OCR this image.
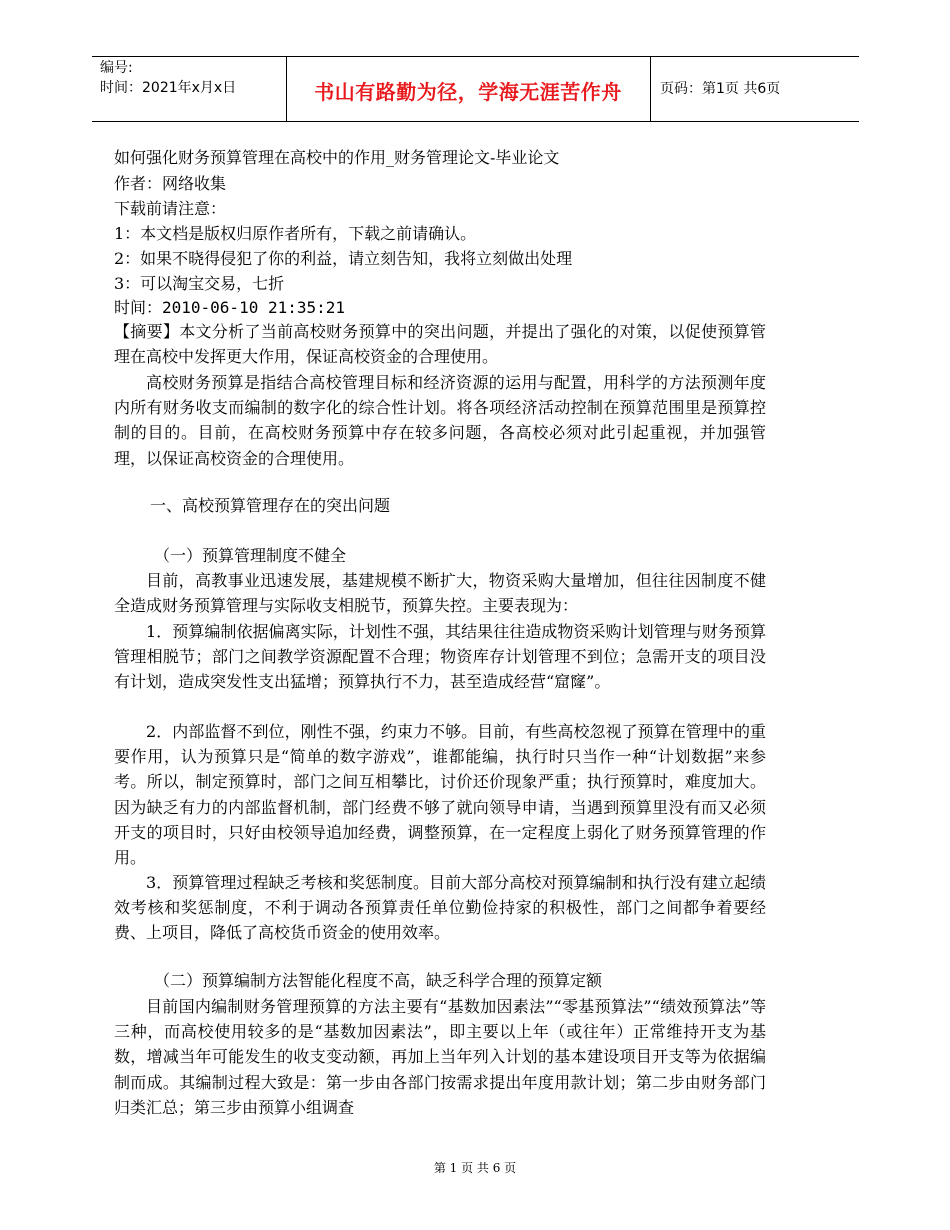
编号:
时间：2021年x月x日	书山有路勤为径，学海无涯苦作舟	页码：第1页 共6页
如何强化财务预算管理在高校中的作用_财务管理论文-毕业论文
作者：网络收集
下载前请注意：
1：本文档是版权归原作者所有，下载之前请确认。
2：如果不晓得侵犯了你的利益，请立刻告知，我将立刻做出处理
3：可以淘宝交易，七折
时间：2010-06-10 21:35:21
【摘要】本文分析了当前高校财务预算中的突出问题，并提出了强化的对策，以促使预算管理在高校中发挥更大作用，保证高校资金的合理使用。
高校财务预算是指结合高校管理目标和经济资源的运用与配置，用科学的方法预测年度内所有财务收支而编制的数字化的综合性计划。将各项经济活动控制在预算范围里是预算控制的目的。目前，在高校财务预算中存在较多问题，各高校必须对此引起重视，并加强管理，以保证高校资金的合理使用。
一、高校预算管理存在的突出问题
（一）预算管理制度不健全
目前，高教事业迅速发展，基建规模不断扩大，物资采购大量增加，但往往因制度不健全造成财务预算管理与实际收支相脱节，预算失控。主要表现为：
1．预算编制依据偏离实际，计划性不强，其结果往往造成物资采购计划管理与财务预算管理相脱节；部门之间教学资源配置不合理；物资库存计划管理不到位；急需开支的项目没有计划，造成突发性支出猛增；预算执行不力，甚至造成经营“窟窿”。
2．内部监督不到位，刚性不强，约束力不够。目前，有些高校忽视了预算在管理中的重要作用，认为预算只是“简单的数字游戏”，谁都能编，执行时只当作一种“计划数据”来参考。所以，制定预算时，部门之间互相攀比，讨价还价现象严重；执行预算时，难度加大。因为缺乏有力的内部监督机制，部门经费不够了就向领导申请，当遇到预算里没有而又必须开支的项目时，只好由校领导追加经费，调整预算，在一定程度上弱化了财务预算管理的作用。
3．预算管理过程缺乏考核和奖惩制度。目前大部分高校对预算编制和执行没有建立起绩效考核和奖惩制度，不利于调动各预算责任单位勤俭持家的积极性，部门之间都争着要经费、上项目，降低了高校货币资金的使用效率。
（二）预算编制方法智能化程度不高，缺乏科学合理的预算定额
目前国内编制财务管理预算的方法主要有“基数加因素法”“零基预算法”“绩效预算法”等三种，而高校使用较多的是“基数加因素法”，即主要以上年（或往年）正常维持开支为基数，增减当年可能发生的收支变动额，再加上当年列入计划的基本建设项目开支等为依据编制而成。其编制过程大致是：第一步由各部门按需求提出年度用款计划；第二步由财务部门归类汇总；第三步由预算小组调查
第 1 页 共 6 页
